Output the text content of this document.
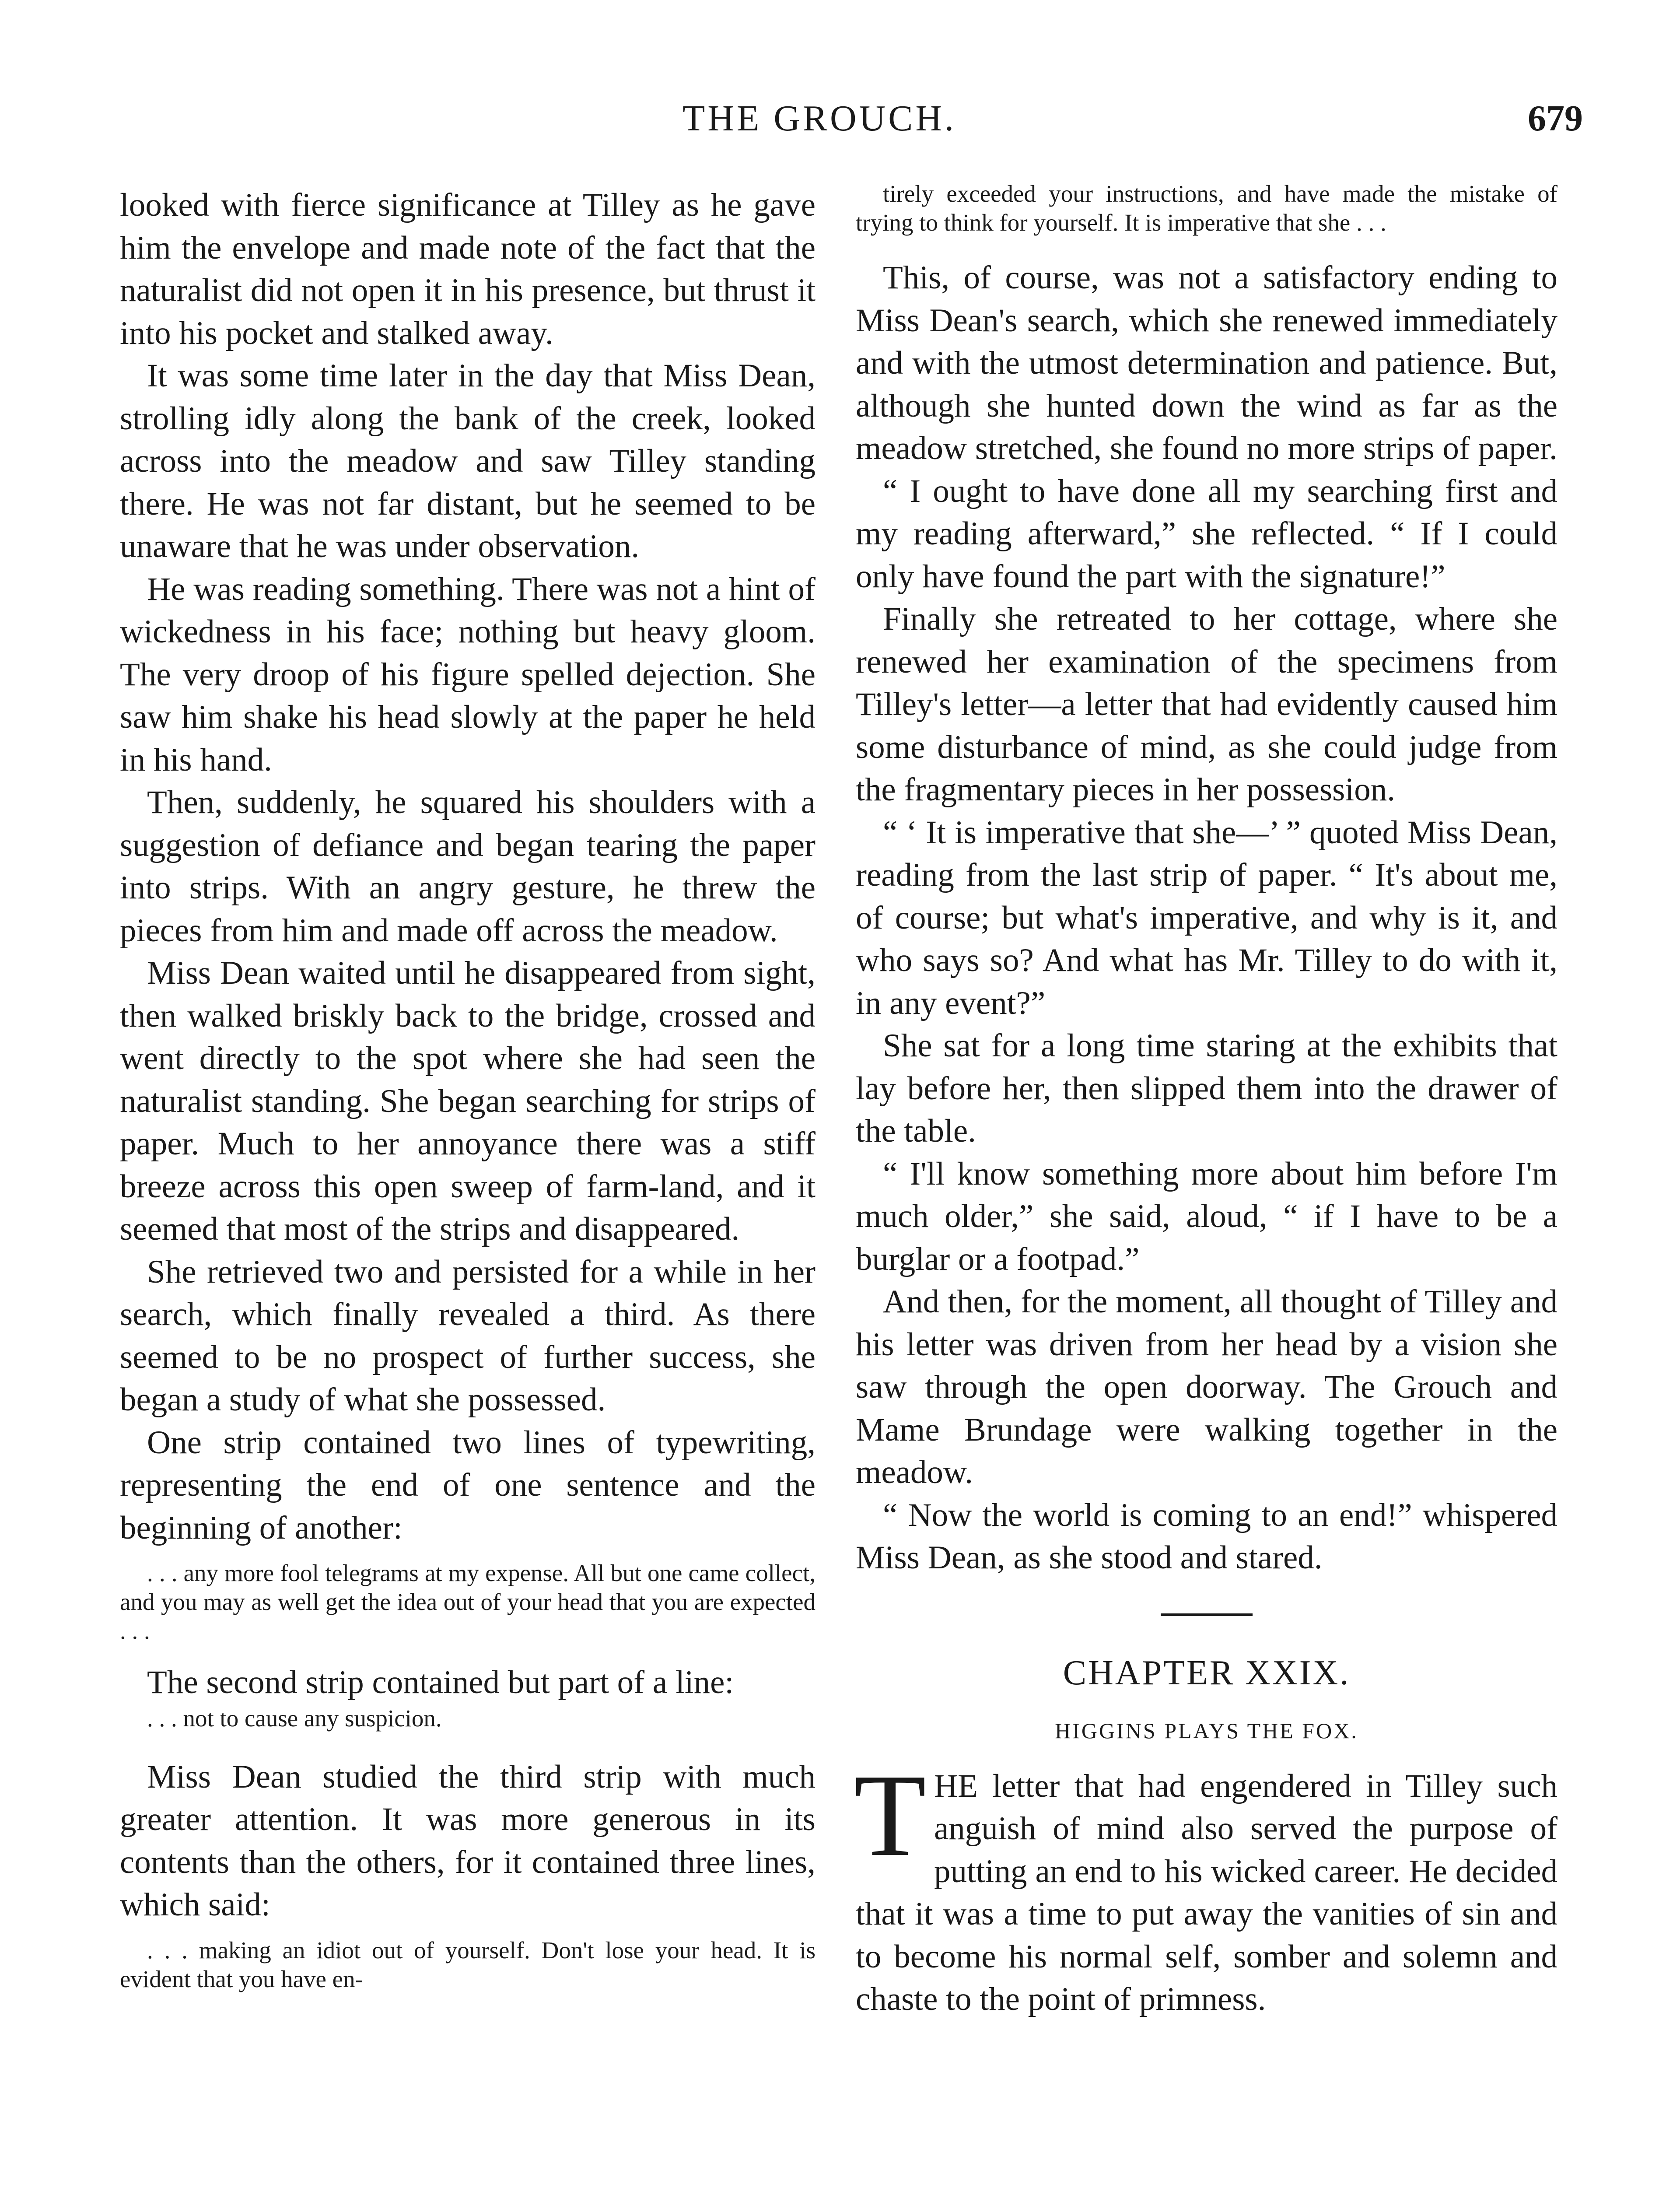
THE GROUCH.	679

looked with fierce significance at Tilley as he gave him the envelope and made note of the fact that the naturalist did not open it in his presence, but thrust it into his pocket and stalked away.

It was some time later in the day that Miss Dean, strolling idly along the bank of the creek, looked across into the meadow and saw Tilley standing there. He was not far distant, but he seemed to be unaware that he was under observation.

He was reading something. There was not a hint of wickedness in his face; nothing but heavy gloom. The very droop of his figure spelled dejection. She saw him shake his head slowly at the paper he held in his hand.

Then, suddenly, he squared his shoulders with a suggestion of defiance and began tearing the paper into strips. With an angry gesture, he threw the pieces from him and made off across the meadow.

Miss Dean waited until he disappeared from sight, then walked briskly back to the bridge, crossed and went directly to the spot where she had seen the naturalist standing. She began searching for strips of paper. Much to her annoyance there was a stiff breeze across this open sweep of farm-land, and it seemed that most of the strips and disappeared.

She retrieved two and persisted for a while in her search, which finally revealed a third. As there seemed to be no prospect of further success, she began a study of what she possessed.

One strip contained two lines of typewriting, representing the end of one sentence and the beginning of another:

. . . any more fool telegrams at my expense. All but one came collect, and you may as well get the idea out of your head that you are expected . . .

The second strip contained but part of a line:

. . . not to cause any suspicion.

Miss Dean studied the third strip with much greater attention. It was more generous in its contents than the others, for it contained three lines, which said:

. . . making an idiot out of yourself. Don't lose your head. It is evident that you have en-

tirely exceeded your instructions, and have made the mistake of trying to think for yourself. It is imperative that she . . .

This, of course, was not a satisfactory ending to Miss Dean's search, which she renewed immediately and with the utmost determination and patience. But, although she hunted down the wind as far as the meadow stretched, she found no more strips of paper.

“ I ought to have done all my searching first and my reading afterward,” she reflected. “ If I could only have found the part with the signature!”

Finally she retreated to her cottage, where she renewed her examination of the specimens from Tilley's letter—a letter that had evidently caused him some disturbance of mind, as she could judge from the fragmentary pieces in her possession.

“ ‘ It is imperative that she—’ ” quoted Miss Dean, reading from the last strip of paper. “ It's about me, of course; but what's imperative, and why is it, and who says so? And what has Mr. Tilley to do with it, in any event?”

She sat for a long time staring at the exhibits that lay before her, then slipped them into the drawer of the table.

“ I'll know something more about him before I'm much older,” she said, aloud, “ if I have to be a burglar or a footpad.”

And then, for the moment, all thought of Tilley and his letter was driven from her head by a vision she saw through the open doorway. The Grouch and Mame Brundage were walking together in the meadow.

“ Now the world is coming to an end!” whispered Miss Dean, as she stood and stared.

CHAPTER XXIX.
HIGGINS PLAYS THE FOX.

THE letter that had engendered in Tilley such anguish of mind also served the purpose of putting an end to his wicked career. He decided that it was a time to put away the vanities of sin and to become his normal self, somber and solemn and chaste to the point of primness.
